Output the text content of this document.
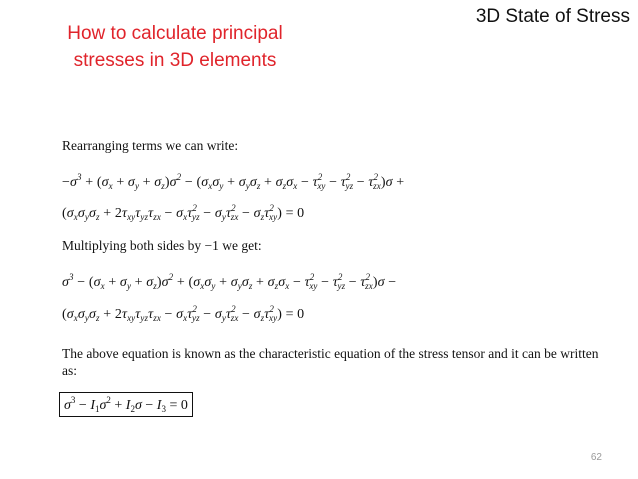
How to calculate principal stresses in 3D elements
3D State of Stress
Rearranging terms we can write:
$-\sigma^3 + (\sigma_x + \sigma_y + \sigma_z)\sigma^2 - (\sigma_x\sigma_y + \sigma_y\sigma_z + \sigma_z\sigma_x - \tau^2_{xy} - \tau^2_{yz} - \tau^2_{zx})\sigma$ +
$(\sigma_x\sigma_y\sigma_z + 2\tau_{xy}\tau_{yz}\tau_{zx} - \sigma_x\tau^2_{yz} - \sigma_y\tau^2_{zx} - \sigma_z\tau^2_{xy}) = 0$
Multiplying both sides by −1 we get:
$\sigma^3 - (\sigma_x + \sigma_y + \sigma_z)\sigma^2 + (\sigma_x\sigma_y + \sigma_y\sigma_z + \sigma_z\sigma_x - \tau^2_{xy} - \tau^2_{yz} - \tau^2_{zx})\sigma$ −
$(\sigma_x\sigma_y\sigma_z + 2\tau_{xy}\tau_{yz}\tau_{zx} - \sigma_x\tau^2_{yz} - \sigma_y\tau^2_{zx} - \sigma_z\tau^2_{xy}) = 0$
The above equation is known as the characteristic equation of the stress tensor and it can be written as:
$\sigma^3 - I_1\sigma^2 + I_2\sigma - I_3 = 0$
62
